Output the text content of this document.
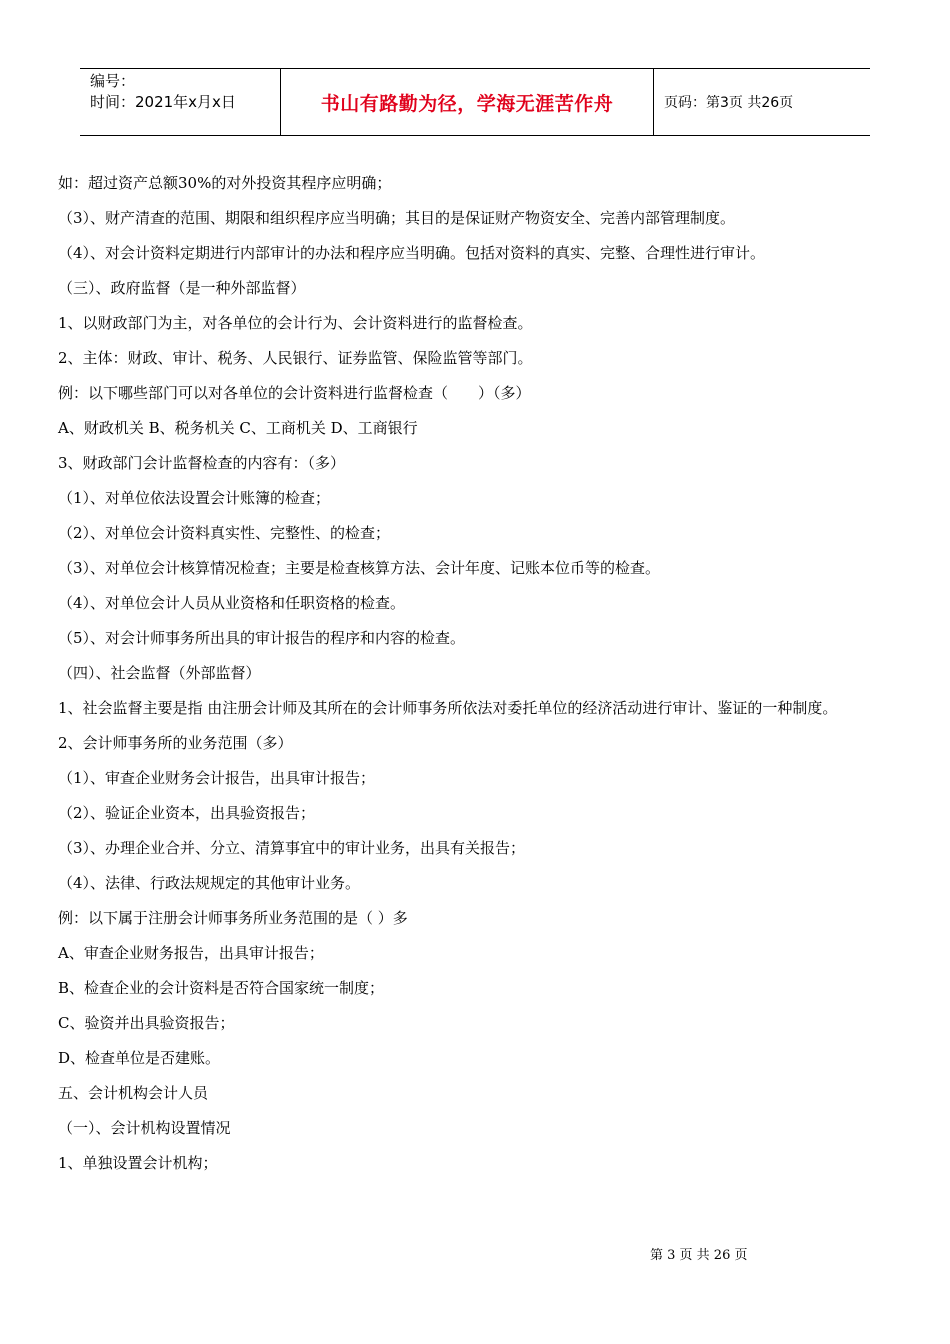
编号：
时间：2021年x月x日	书山有路勤为径，学海无涯苦作舟	页码：第3页 共26页
如：超过资产总额30%的对外投资其程序应明确；
（3）、财产清查的范围、期限和组织程序应当明确；其目的是保证财产物资安全、完善内部管理制度。
（4）、对会计资料定期进行内部审计的办法和程序应当明确。包括对资料的真实、完整、合理性进行审计。
（三）、政府监督（是一种外部监督）
1、以财政部门为主，对各单位的会计行为、会计资料进行的监督检查。
2、主体：财政、审计、税务、人民银行、证券监管、保险监管等部门。
例：以下哪些部门可以对各单位的会计资料进行监督检查（　　）（多）
A、财政机关 B、税务机关 C、工商机关 D、工商银行
3、财政部门会计监督检查的内容有：（多）
（1）、对单位依法设置会计账簿的检查；
（2）、对单位会计资料真实性、完整性、的检查；
（3）、对单位会计核算情况检查；主要是检查核算方法、会计年度、记账本位币等的检查。
（4）、对单位会计人员从业资格和任职资格的检查。
（5）、对会计师事务所出具的审计报告的程序和内容的检查。
（四）、社会监督（外部监督）
1、社会监督主要是指 由注册会计师及其所在的会计师事务所依法对委托单位的经济活动进行审计、鉴证的一种制度。
2、会计师事务所的业务范围（多）
（1）、审查企业财务会计报告，出具审计报告；
（2）、验证企业资本，出具验资报告；
（3）、办理企业合并、分立、清算事宜中的审计业务，出具有关报告；
（4）、法律、行政法规规定的其他审计业务。
例：以下属于注册会计师事务所业务范围的是（ ）多
A、审查企业财务报告，出具审计报告；
B、检查企业的会计资料是否符合国家统一制度；
C、验资并出具验资报告；
D、检查单位是否建账。
五、会计机构会计人员
（一）、会计机构设置情况
1、单独设置会计机构；
第 3 页 共 26 页
